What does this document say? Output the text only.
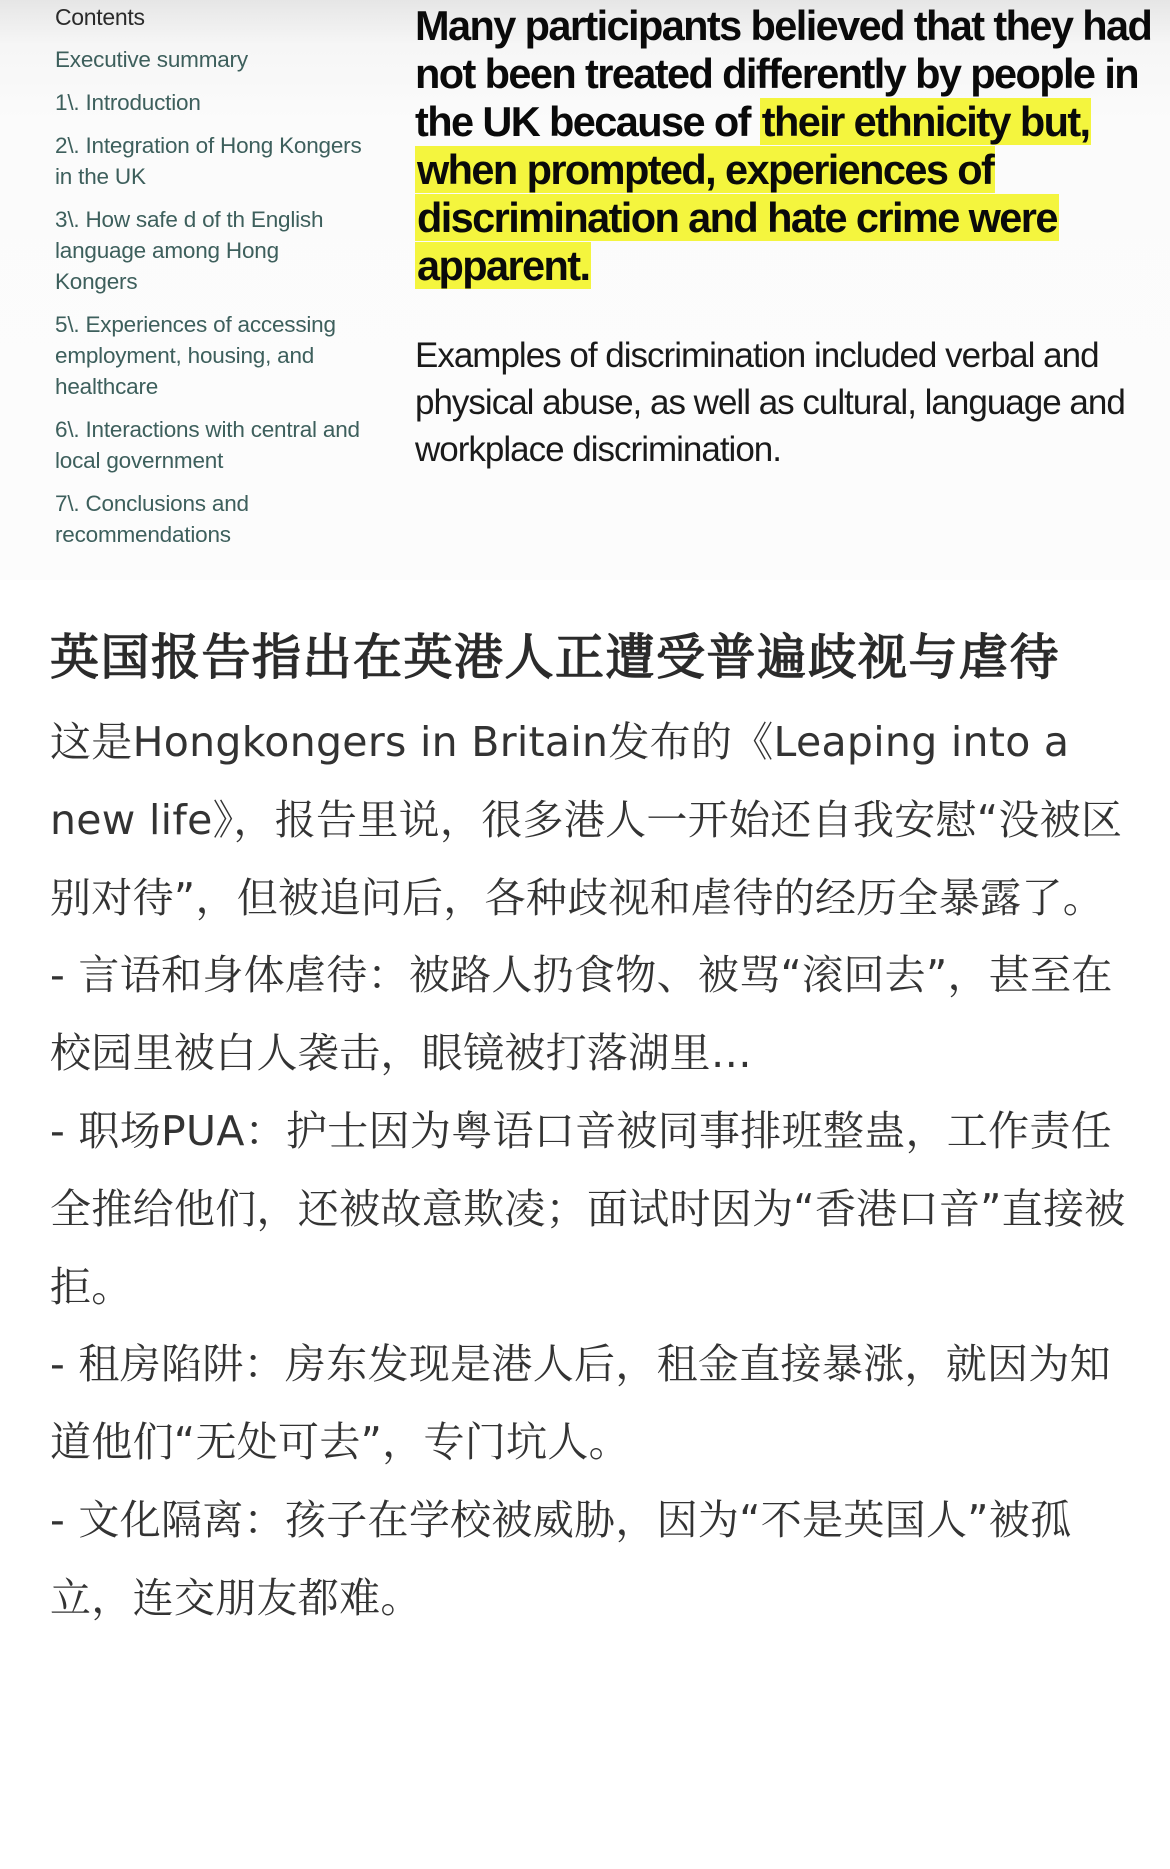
Contents

Executive summary

1\. Introduction

2\. Integration of Hong Kongers in the UK

3\. How safe d of th English language among Hong Kongers

5\. Experiences of accessing employment, housing, and healthcare

6\. Interactions with central and local government

7\. Conclusions and recommendations

Many participants believed that they had not been treated differently by people in the UK because of their ethnicity but, when prompted, experiences of discrimination and hate crime were apparent.

Examples of discrimination included verbal and physical abuse, as well as cultural, language and workplace discrimination.

英国报告指出在英港人正遭受普遍歧视与虐待

这是Hongkongers in Britain发布的《Leaping into a new life》，报告里说，很多港人一开始还自我安慰“没被区别对待”，但被追问后，各种歧视和虐待的经历全暴露了。

- 言语和身体虐待：被路人扔食物、被骂“滚回去”，甚至在校园里被白人袭击，眼镜被打落湖里…

- 职场PUA：护士因为粤语口音被同事排班整蛊，工作责任全推给他们，还被故意欺凌；面试时因为“香港口音”直接被拒。

- 租房陷阱：房东发现是港人后，租金直接暴涨，就因为知道他们“无处可去”，专门坑人。

- 文化隔离：孩子在学校被威胁，因为“不是英国人”被孤立，连交朋友都难。
